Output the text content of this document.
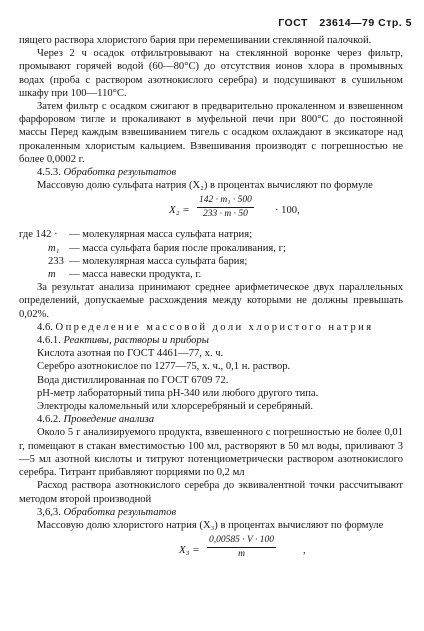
ГОСТ 23614—79 Стр. 5

пящего раствора хлористого бария при перемешивании стеклянной палочкой.

Через 2 ч осадок отфильтровывают на стеклянной воронке через фильтр, промывают горячей водой (60—80°С) до отсутствия ионов хлора в промывных водах (проба с раствором азотнокислого серебра) и подсушивают в сушильном шкафу при 100—110°С.

Затем фильтр с осадком сжигают в предварительно прокаленном и взвешенном фарфоровом тигле и прокаливают в муфельной печи при 800°С до постоянной массы Перед каждым взвешиванием тигель с осадком охлаждают в эксикаторе над прокаленным хлористым кальцием. Взвешивания производят с погрешностью не более 0,0002 г.

4.5.3. Обработка результатов

Массовую долю сульфата натрия (X₂) в процентах вычисляют по формуле

$X_2 = \frac{\text{142 · m₁ · 500}}{233 \cdot m \cdot 50} \cdot 100$,
где 142 ·	— молекулярная масса сульфата натрия;
m₁ — масса сульфата бария после прокаливания, г;
233 — молекулярная масса сульфата бария;
m	— масса навески продукта, г.

За результат анализа принимают среднее арифметическое двух параллельных определений, допускаемые расхождения между которыми не должны превышать 0,02%.

4.6. Определение массовой доли хлористого натрия

4.6.1. Реактивы, растворы и приборы

Кислота азотная по ГОСТ 4461—77, х. ч.

Серебро азотнокислое по 1277—75, х. ч., 0,1 н. раствор.

Вода дистиллированная по ГОСТ 6709 72.

pH-метр лабораторный типа pH-340 или любого другого типа.

Электроды каломельный или хлорсеребряный и серебряный.

4.6.2. Проведение анализа

Около 5 г анализируемого продукта, взвешенного с погрешностью не более 0,01 г, помещают в стакан вместимостью 100 мл, растворяют в 50 мл воды, приливают 3—5 мл азотной кислоты и титруют потенциометрически раствором азотнокислого серебра. Титрант прибавляют порциями по 0,2 мл

Расход раствора азотнокислого серебра до эквивалентной точки рассчитывают методом второй производной

3,6,3. Обработка результатов

Массовую долю хлористого натрия (X₃) в процентах вычисляют по формуле

$X_3 = \frac{0,00585 \cdot V \cdot 100}{m}$	,
